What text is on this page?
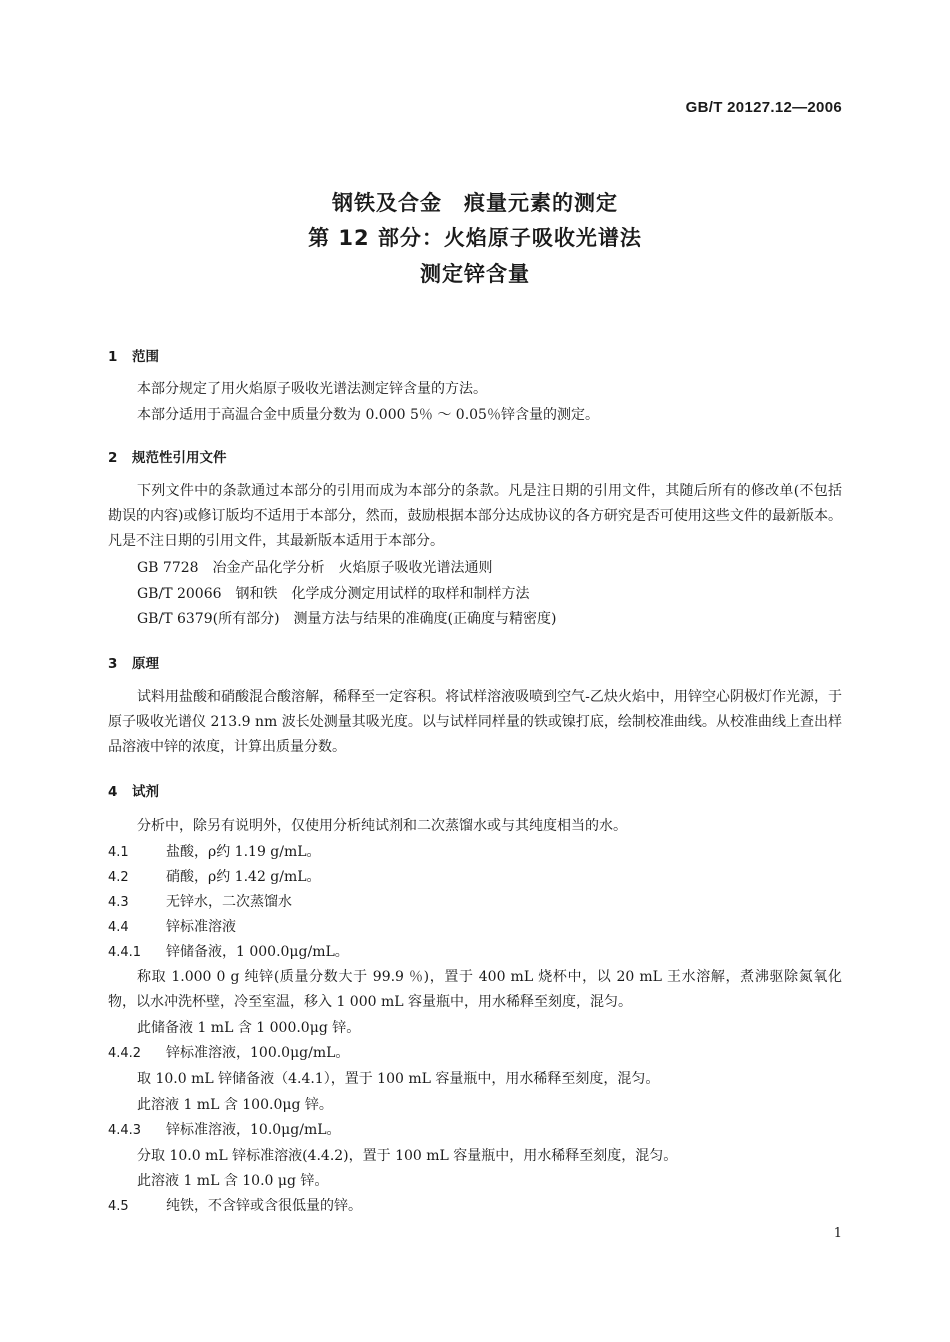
GB/T 20127.12—2006
钢铁及合金　痕量元素的测定
第 12 部分：火焰原子吸收光谱法
测定锌含量
1 范围
本部分规定了用火焰原子吸收光谱法测定锌含量的方法。
本部分适用于高温合金中质量分数为 0.000 5％ ～ 0.05％锌含量的测定。
2 规范性引用文件
下列文件中的条款通过本部分的引用而成为本部分的条款。凡是注日期的引用文件，其随后所有的修改单(不包括勘误的内容)或修订版均不适用于本部分，然而，鼓励根据本部分达成协议的各方研究是否可使用这些文件的最新版本。凡是不注日期的引用文件，其最新版本适用于本部分。
GB 7728　冶金产品化学分析　火焰原子吸收光谱法通则
GB/T 20066　钢和铁　化学成分测定用试样的取样和制样方法
GB/T 6379(所有部分)　测量方法与结果的准确度(正确度与精密度)
3 原理
试料用盐酸和硝酸混合酸溶解，稀释至一定容积。将试样溶液吸喷到空气-乙炔火焰中，用锌空心阴极灯作光源，于原子吸收光谱仪 213.9 nm 波长处测量其吸光度。以与试样同样量的铁或镍打底，绘制校准曲线。从校准曲线上查出样品溶液中锌的浓度，计算出质量分数。
4 试剂
分析中，除另有说明外，仅使用分析纯试剂和二次蒸馏水或与其纯度相当的水。
4.1	盐酸，ρ约 1.19 g/mL。
4.2	硝酸，ρ约 1.42 g/mL。
4.3	无锌水，二次蒸馏水
4.4	锌标准溶液
4.4.1 锌储备液，1 000.0μg/mL。
称取 1.000 0 g 纯锌(质量分数大于 99.9 ％)，置于 400 mL 烧杯中，以 20 mL 王水溶解，煮沸驱除氮氧化物，以水冲洗杯壁，冷至室温，移入 1 000 mL 容量瓶中，用水稀释至刻度，混匀。
此储备液 1 mL 含 1 000.0μg 锌。
4.4.2 锌标准溶液，100.0μg/mL。
取 10.0 mL 锌储备液（4.4.1），置于 100 mL 容量瓶中，用水稀释至刻度，混匀。
此溶液 1 mL 含 100.0μg 锌。
4.4.3 锌标准溶液，10.0μg/mL。
分取 10.0 mL 锌标准溶液(4.4.2)，置于 100 mL 容量瓶中，用水稀释至刻度，混匀。
此溶液 1 mL 含 10.0 μg 锌。
4.5	纯铁，不含锌或含很低量的锌。
1
